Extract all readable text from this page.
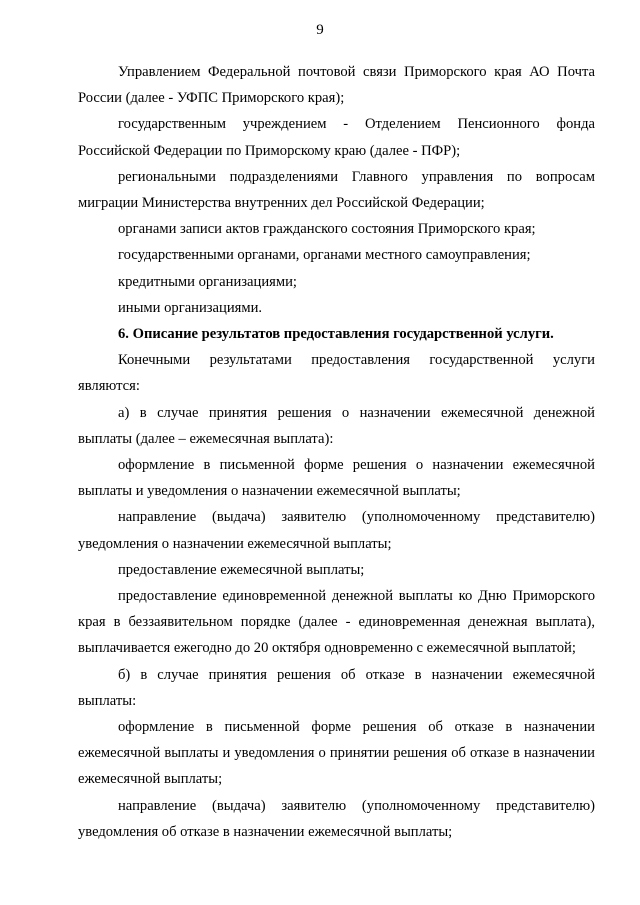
9

Управлением Федеральной почтовой связи Приморского края АО Почта России (далее - УФПС Приморского края);

государственным учреждением - Отделением Пенсионного фонда Российской Федерации по Приморскому краю (далее - ПФР);

региональными подразделениями Главного управления по вопросам миграции Министерства внутренних дел Российской Федерации;

органами записи актов гражданского состояния Приморского края;

государственными органами, органами местного самоуправления;

кредитными организациями;

иными организациями.

6. Описание результатов предоставления государственной услуги.

Конечными результатами предоставления государственной услуги являются:

а) в случае принятия решения о назначении ежемесячной денежной выплаты (далее – ежемесячная выплата):

оформление в письменной форме решения о назначении ежемесячной выплаты и уведомления о назначении ежемесячной выплаты;

направление (выдача) заявителю (уполномоченному представителю) уведомления о назначении ежемесячной выплаты;

предоставление ежемесячной выплаты;

предоставление единовременной денежной выплаты ко Дню Приморского края в беззаявительном порядке (далее - единовременная денежная выплата), выплачивается ежегодно до 20 октября одновременно с ежемесячной выплатой;

б) в случае принятия решения об отказе в назначении ежемесячной выплаты:

оформление в письменной форме решения об отказе в назначении ежемесячной выплаты и уведомления о принятии решения об отказе в назначении ежемесячной выплаты;

направление (выдача) заявителю (уполномоченному представителю) уведомления об отказе в назначении ежемесячной выплаты;
